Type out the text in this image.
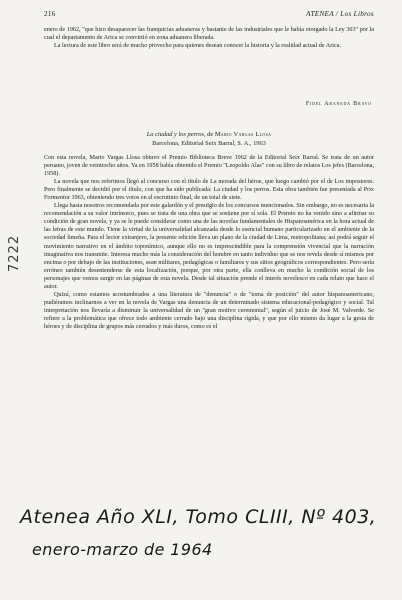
216	ATENEA / Los Libros

enero de 1962, "que hizo desaparecer las franquicias aduaneras y bastante de las industriales que le había otorgado la Ley 303" por la cual el departamento de Arica se convirtió en zona aduanera liberada.

La lectura de este libro será de mucho provecho para quienes desean conocer la historia y la realidad actual de Arica.

Fidel Araneda Bravo
La ciudad y los perros, de Mario Vargas Llosa
Barcelona, Editorial Seix Barral, S. A., 1963

Con esta novela, Mario Vargas Llosa obtuvo el Premio Biblioteca Breve 1962 de la Editorial Seix Barral. Se trata de un autor peruano, joven de veintiocho años. Ya en 1958 había obtenido el Premio "Leopoldo Alas" con su libro de relatos Los jefes (Barcelona, 1958).

La novela que nos referimos llegó al concurso con el título de La morada del héroe, que luego cambió por el de Los impostores. Pero finalmente se decidió por el título, con que ha sido publicada: La ciudad y los perros. Esta obra también fue presentada al Prix Formentor 1963, obteniendo tres votos en el escrutinio final, de un total de siete.

Llega hasta nosotros recomendada por este galardón y el prestigio de los concursos mencionados. Sin embargo, no es necesaria la recomendación a su valor intrínseco, pues se trata de una obra que se sostiene por sí sola. El Premio no ha venido sino a afirmar su condición de gran novela, y ya se le puede considerar como una de las novelas fundamentales de Hispanoamérica en la hora actual de las letras de este mundo. Tiene la virtud de la universalidad alcanzada desde lo esencial humano particularizado en el ambiente de la sociedad limeña. Para el lector extranjero, la presente edición lleva un plano de la ciudad de Lima, metropolitana; así podrá seguir el movimiento narrativo en el ámbito toponímico, aunque ello no es imprescindible para la comprensión vivencial que la narración imaginativa nos transmite. Interesa mucho más la consideración del hombre en tanto individuo que se nos revela desde sí mismos por encima o por debajo de las instituciones, sean militares, pedagógicas o familiares y sus sitios geográficos correspondientes. Pero sería erróneo también desentenderse de esta localización, porque, por otra parte, ella conlleva en mucho la condición social de los personajes que vemos surgir en las páginas de esta novela. Desde tal situación prende el interés novelesco en cada relato que hace el autor.

Quizá, como estamos acostumbrados a una literatura de "denuncia" o de "toma de posición" del autor hispanoamericano, pudiéramos inclinarnos a ver en la novela de Vargas una denuncia de un determinado sistema educacional-pedagógico y social. Tal interpretación nos llevaría a disminuir la universalidad de un "gran motivo ceremonial", según el juicio de José M. Valverde. Se refiere a la problemática que ofrece todo ambiente cerrado bajo una disciplina rígida, y que por ello mismo da lugar a la gesta de héroes y de disciplina de grupos más cerrados y más duros, como es el

7222
Atenea Año XLI, Tomo CLIII, Nº 403,
enero-marzo de 1964
